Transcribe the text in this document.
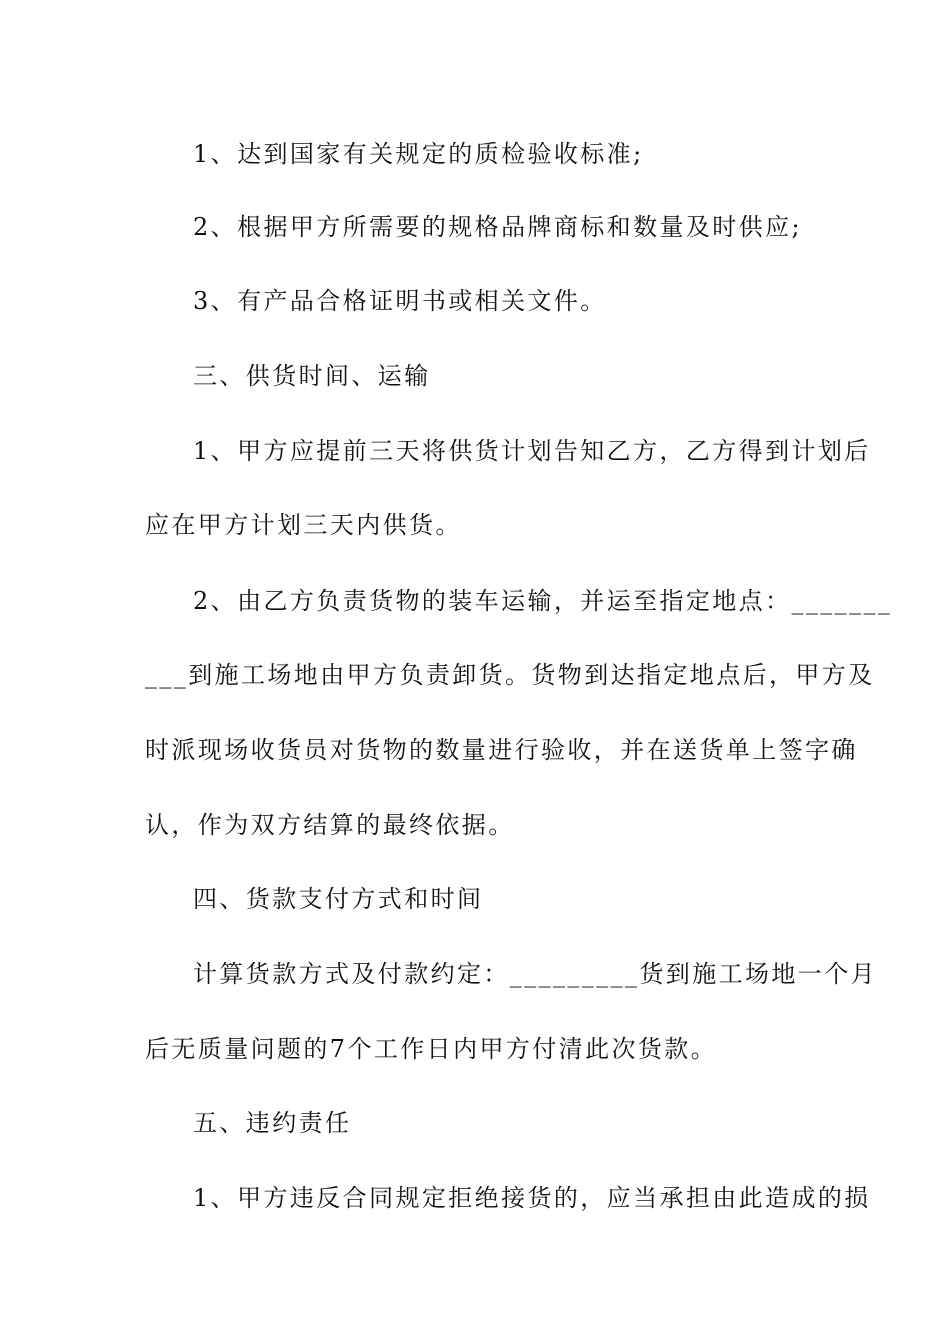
1、达到国家有关规定的质检验收标准;
2、根据甲方所需要的规格品牌商标和数量及时供应;
3、有产品合格证明书或相关文件。
三、供货时间、运输
1、甲方应提前三天将供货计划告知乙方，乙方得到计划后
应在甲方计划三天内供货。
2、由乙方负责货物的装车运输，并运至指定地点：_______
___到施工场地由甲方负责卸货。货物到达指定地点后，甲方及
时派现场收货员对货物的数量进行验收，并在送货单上签字确
认，作为双方结算的最终依据。
四、货款支付方式和时间
计算货款方式及付款约定：_________货到施工场地一个月
后无质量问题的7个工作日内甲方付清此次货款。
五、违约责任
1、甲方违反合同规定拒绝接货的，应当承担由此造成的损
